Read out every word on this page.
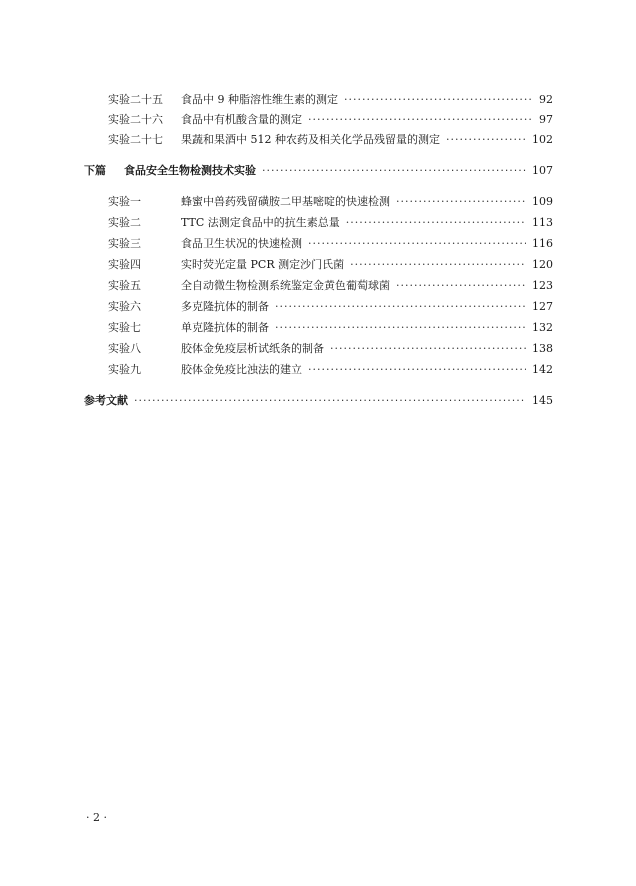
实验二十五	食品中 9 种脂溶性维生素的测定 ·····	92
实验二十六	食品中有机酸含量的测定 ·····	97
实验二十七	果蔬和果酒中 512 种农药及相关化学品残留量的测定 ·····	102
下篇	食品安全生物检测技术实验 ·····	107
实验一	蜂蜜中兽药残留磺胺二甲基嘧啶的快速检测 ·····	109
实验二	TTC 法测定食品中的抗生素总量 ·····	113
实验三	食品卫生状况的快速检测 ·····	116
实验四	实时荧光定量 PCR 测定沙门氏菌 ·····	120
实验五	全自动微生物检测系统鉴定金黄色葡萄球菌 ·····	123
实验六	多克隆抗体的制备 ·····	127
实验七	单克隆抗体的制备 ·····	132
实验八	胶体金免疫层析试纸条的制备 ·····	138
实验九	胶体金免疫比浊法的建立 ·····	142
参考文献 ·····	145
· 2 ·
